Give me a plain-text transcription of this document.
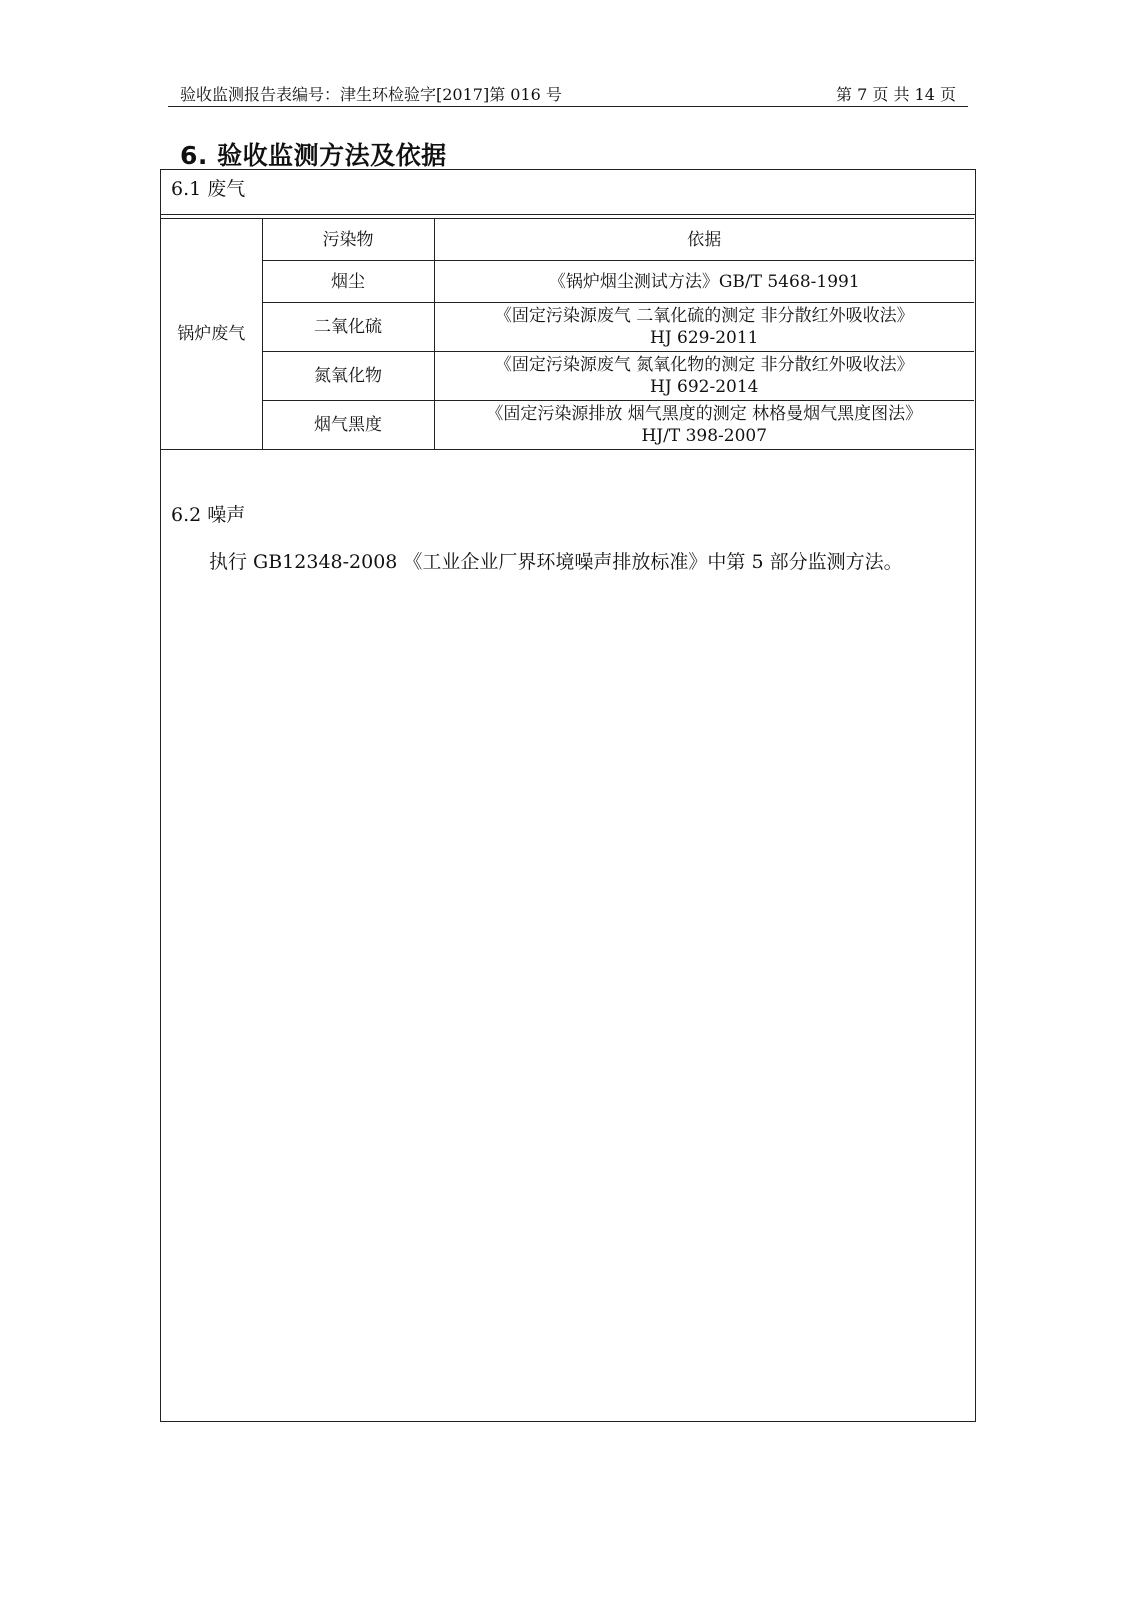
验收监测报告表编号：津生环检验字[2017]第 016 号	第 7 页 共 14 页
6. 验收监测方法及依据
6.1 废气
锅炉废气	污染物	依据
	烟尘	《锅炉烟尘测试方法》GB/T 5468-1991
	二氧化硫	《固定污染源废气 二氧化硫的测定 非分散红外吸收法》
HJ 629-2011
	氮氧化物	《固定污染源废气 氮氧化物的测定 非分散红外吸收法》
HJ 692-2014
	烟气黑度	《固定污染源排放 烟气黑度的测定 林格曼烟气黑度图法》
HJ/T 398-2007
6.2 噪声
执行 GB12348-2008 《工业企业厂界环境噪声排放标准》中第 5 部分监测方法。
